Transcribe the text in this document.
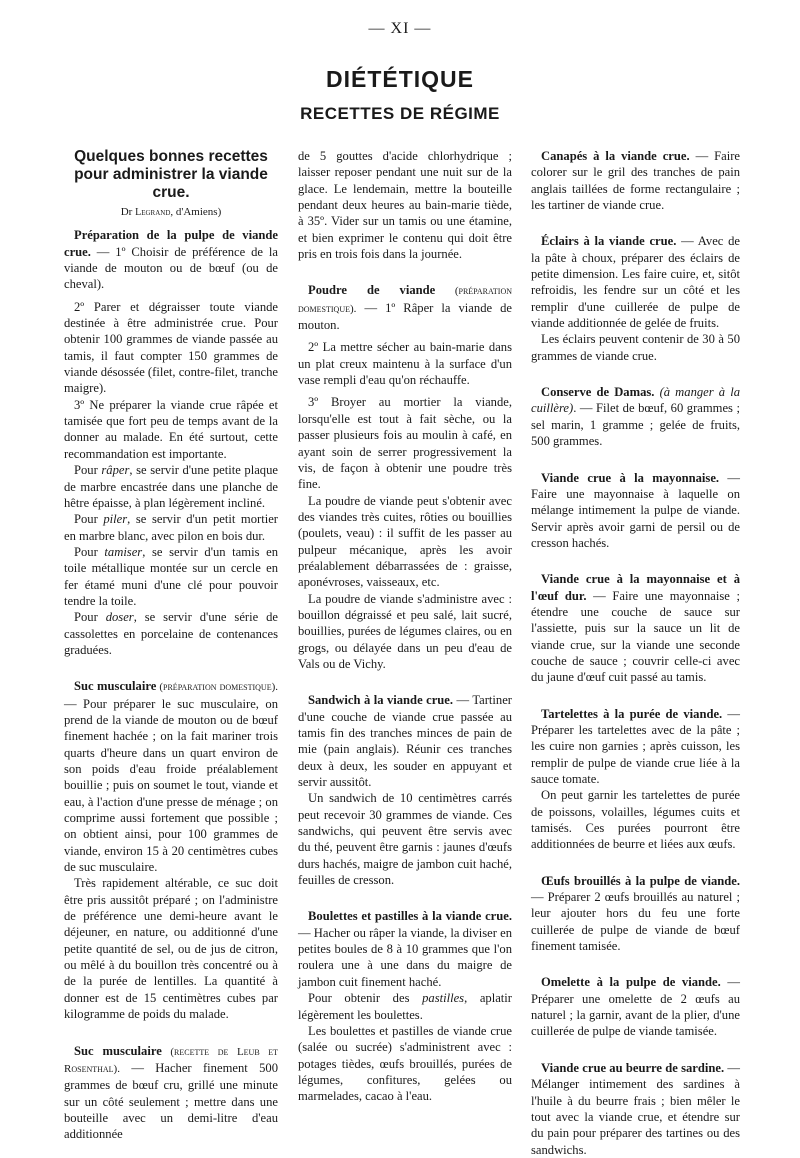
— XI —
DIÉTÉTIQUE
RECETTES DE RÉGIME
Quelques bonnes recettes pour administrer la viande crue.
Dr Legrand, d'Amiens)

Préparation de la pulpe de viande crue. — 1º Choisir de préférence de la viande de mouton ou de bœuf (ou de cheval).

2º Parer et dégraisser toute viande destinée à être administrée crue. Pour obtenir 100 grammes de viande passée au tamis, il faut compter 150 grammes de viande désossée (filet, contre-filet, tranche maigre).

3º Ne préparer la viande crue râpée et tamisée que fort peu de temps avant de la donner au malade. En été surtout, cette recommandation est importante.

Pour râper, se servir d'une petite plaque de marbre encastrée dans une planche de hêtre épaisse, à plan légèrement incliné.

Pour piler, se servir d'un petit mortier en marbre blanc, avec pilon en bois dur.

Pour tamiser, se servir d'un tamis en toile métallique montée sur un cercle en fer étamé muni d'une clé pour pouvoir tendre la toile.

Pour doser, se servir d'une série de cassolettes en porcelaine de contenances graduées.

Suc musculaire (préparation domestique). — Pour préparer le suc musculaire, on prend de la viande de mouton ou de bœuf finement hachée ; on la fait mariner trois quarts d'heure dans un quart environ de son poids d'eau froide préalablement bouillie ; puis on soumet le tout, viande et eau, à l'action d'une presse de ménage ; on comprime aussi fortement que possible ; on obtient ainsi, pour 100 grammes de viande, environ 15 à 20 centimètres cubes de suc musculaire.

Très rapidement altérable, ce suc doit être pris aussitôt préparé ; on l'administre de préférence une demi-heure avant le déjeuner, en nature, ou additionné d'une petite quantité de sel, ou de jus de citron, ou mêlé à du bouillon très concentré ou à de la purée de lentilles. La quantité à donner est de 15 centimètres cubes par kilogramme de poids du malade.

Suc musculaire (recette de Leub et Rosenthal). — Hacher finement 500 grammes de bœuf cru, grillé une minute sur un côté seulement ; mettre dans une bouteille avec un demi-litre d'eau additionnée

de 5 gouttes d'acide chlorhydrique ; laisser reposer pendant une nuit sur de la glace. Le lendemain, mettre la bouteille pendant deux heures au bain-marie tiède, à 35º. Vider sur un tamis ou une étamine, et bien exprimer le contenu qui doit être pris en trois fois dans la journée.

Poudre de viande (préparation domestique). — 1º Râper la viande de mouton.

2º La mettre sécher au bain-marie dans un plat creux maintenu à la surface d'un vase rempli d'eau qu'on réchauffe.

3º Broyer au mortier la viande, lorsqu'elle est tout à fait sèche, ou la passer plusieurs fois au moulin à café, en ayant soin de serrer progressivement la vis, de façon à obtenir une poudre très fine.

La poudre de viande peut s'obtenir avec des viandes très cuites, rôties ou bouillies (poulets, veau) : il suffit de les passer au pulpeur mécanique, après les avoir préalablement débarrassées de : graisse, aponévroses, vaisseaux, etc.

La poudre de viande s'administre avec : bouillon dégraissé et peu salé, lait sucré, bouillies, purées de légumes claires, ou en grogs, ou délayée dans un peu d'eau de Vals ou de Vichy.

Sandwich à la viande crue. — Tartiner d'une couche de viande crue passée au tamis fin des tranches minces de pain de mie (pain anglais). Réunir ces tranches deux à deux, les souder en appuyant et servir aussitôt.

Un sandwich de 10 centimètres carrés peut recevoir 30 grammes de viande. Ces sandwichs, qui peuvent être servis avec du thé, peuvent être garnis : jaunes d'œufs durs hachés, maigre de jambon cuit haché, feuilles de cresson.

Boulettes et pastilles à la viande crue. — Hacher ou râper la viande, la diviser en petites boules de 8 à 10 grammes que l'on roulera une à une dans du maigre de jambon cuit finement haché.

Pour obtenir des pastilles, aplatir légèrement les boulettes.

Les boulettes et pastilles de viande crue (salée ou sucrée) s'administrent avec : potages tièdes, œufs brouillés, purées de légumes, confitures, gelées ou marmelades, cacao à l'eau.

Canapés à la viande crue. — Faire colorer sur le gril des tranches de pain anglais taillées de forme rectangulaire ; les tartiner de viande crue.

Éclairs à la viande crue. — Avec de la pâte à choux, préparer des éclairs de petite dimension. Les faire cuire, et, sitôt refroidis, les fendre sur un côté et les remplir d'une cuillerée de pulpe de viande additionnée de gelée de fruits.

Les éclairs peuvent contenir de 30 à 50 grammes de viande crue.

Conserve de Damas. (à manger à la cuillère). — Filet de bœuf, 60 grammes ; sel marin, 1 gramme ; gelée de fruits, 500 grammes.

Viande crue à la mayonnaise. — Faire une mayonnaise à laquelle on mélange intimement la pulpe de viande. Servir après avoir garni de persil ou de cresson hachés.

Viande crue à la mayonnaise et à l'œuf dur. — Faire une mayonnaise ; étendre une couche de sauce sur l'assiette, puis sur la sauce un lit de viande crue, sur la viande une seconde couche de sauce ; couvrir celle-ci avec du jaune d'œuf cuit passé au tamis.

Tartelettes à la purée de viande. — Préparer les tartelettes avec de la pâte ; les cuire non garnies ; après cuisson, les remplir de pulpe de viande crue liée à la sauce tomate.

On peut garnir les tartelettes de purée de poissons, volailles, légumes cuits et tamisés. Ces purées pourront être additionnées de beurre et liées aux œufs.

Œufs brouillés à la pulpe de viande. — Préparer 2 œufs brouillés au naturel ; leur ajouter hors du feu une forte cuillerée de pulpe de viande de bœuf finement tamisée.

Omelette à la pulpe de viande. — Préparer une omelette de 2 œufs au naturel ; la garnir, avant de la plier, d'une cuillerée de pulpe de viande tamisée.

Viande crue au beurre de sardine. — Mélanger intimement des sardines à l'huile à du beurre frais ; bien mêler le tout avec la viande crue, et étendre sur du pain pour préparer des tartines ou des sandwichs.
